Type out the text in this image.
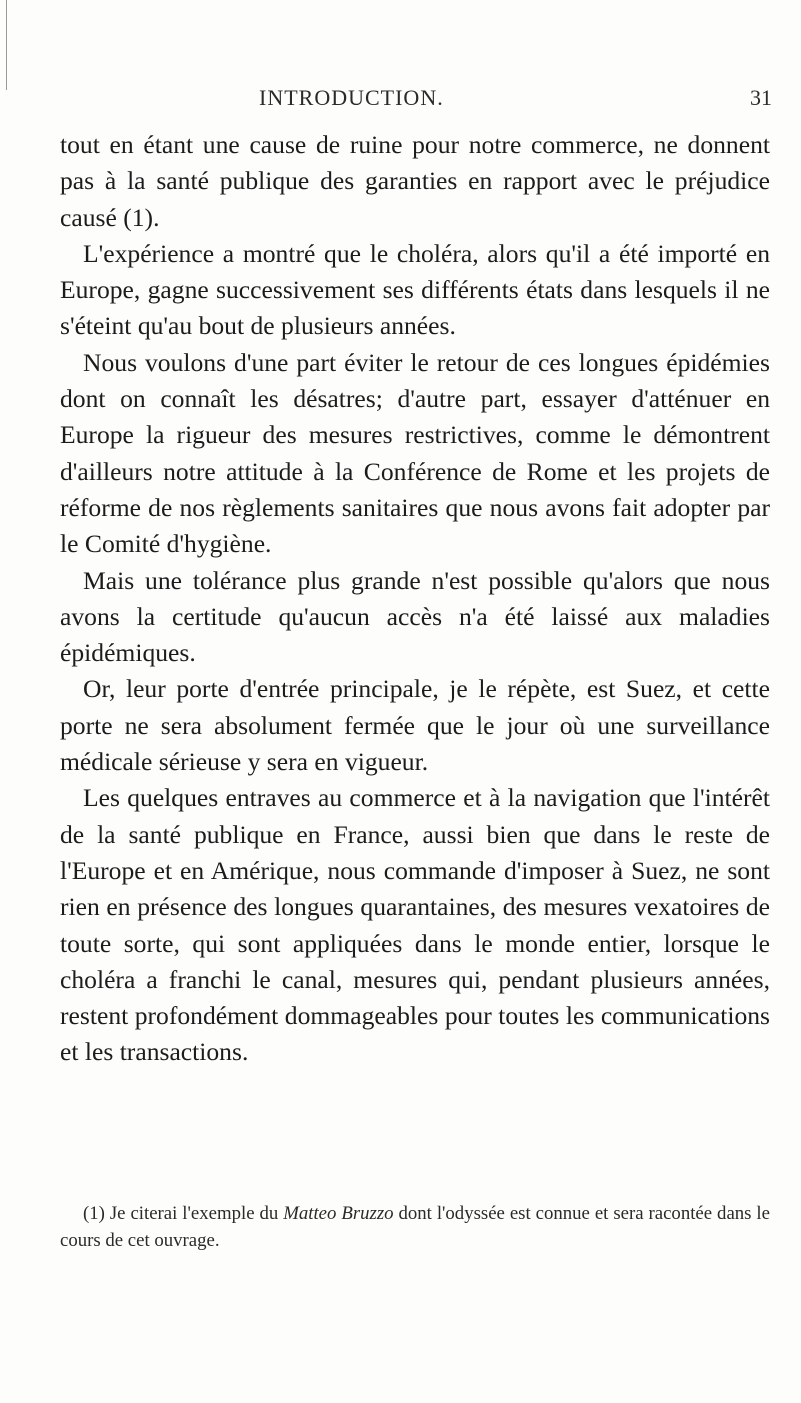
INTRODUCTION.	31

tout en étant une cause de ruine pour notre commerce, ne donnent pas à la santé publique des garanties en rapport avec le préjudice causé (1).

L'expérience a montré que le choléra, alors qu'il a été importé en Europe, gagne successivement ses différents états dans lesquels il ne s'éteint qu'au bout de plusieurs années.

Nous voulons d'une part éviter le retour de ces longues épidémies dont on connaît les désatres; d'autre part, essayer d'atténuer en Europe la rigueur des mesures restrictives, comme le démontrent d'ailleurs notre attitude à la Conférence de Rome et les projets de réforme de nos règlements sanitaires que nous avons fait adopter par le Comité d'hygiène.

Mais une tolérance plus grande n'est possible qu'alors que nous avons la certitude qu'aucun accès n'a été laissé aux maladies épidémiques.

Or, leur porte d'entrée principale, je le répète, est Suez, et cette porte ne sera absolument fermée que le jour où une surveillance médicale sérieuse y sera en vigueur.

Les quelques entraves au commerce et à la navigation que l'intérêt de la santé publique en France, aussi bien que dans le reste de l'Europe et en Amérique, nous commande d'imposer à Suez, ne sont rien en présence des longues quarantaines, des mesures vexatoires de toute sorte, qui sont appliquées dans le monde entier, lorsque le choléra a franchi le canal, mesures qui, pendant plusieurs années, restent profondément dommageables pour toutes les communications et les transactions.

(1) Je citerai l'exemple du Matteo Bruzzo dont l'odyssée est connue et sera racontée dans le cours de cet ouvrage.
